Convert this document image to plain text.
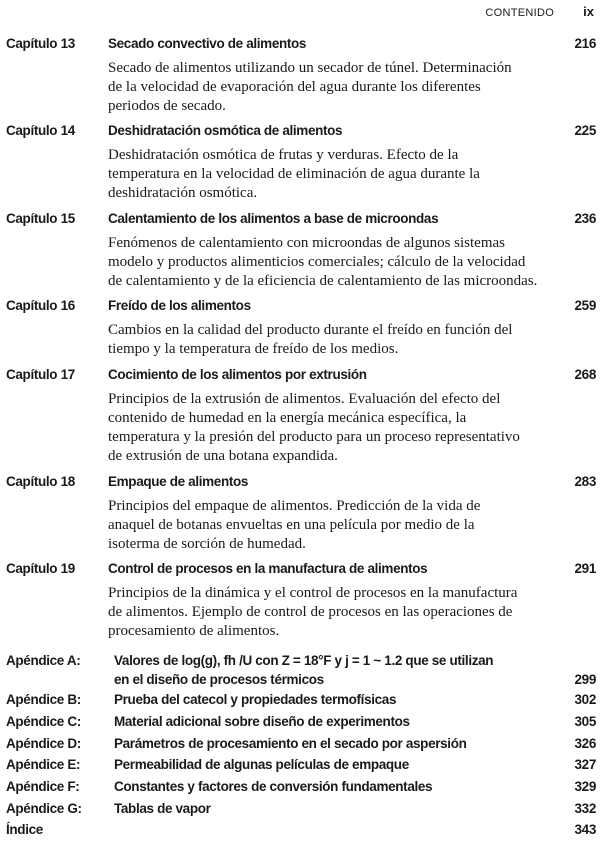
CONTENIDO ix
Capítulo 13 Secado convectivo de alimentos	216
Secado de alimentos utilizando un secador de túnel. Determinación
de la velocidad de evaporación del agua durante los diferentes
periodos de secado.
Capítulo 14 Deshidratación osmótica de alimentos	225
Deshidratación osmótica de frutas y verduras. Efecto de la
temperatura en la velocidad de eliminación de agua durante la
deshidratación osmótica.
Capítulo 15 Calentamiento de los alimentos a base de microondas	236
Fenómenos de calentamiento con microondas de algunos sistemas
modelo y productos alimenticios comerciales; cálculo de la velocidad
de calentamiento y de la eficiencia de calentamiento de las microondas.
Capítulo 16 Freído de los alimentos	259
Cambios en la calidad del producto durante el freído en función del
tiempo y la temperatura de freído de los medios.
Capítulo 17 Cocimiento de los alimentos por extrusión	268
Principios de la extrusión de alimentos. Evaluación del efecto del
contenido de humedad en la energía mecánica específica, la
temperatura y la presión del producto para un proceso representativo
de extrusión de una botana expandida.
Capítulo 18 Empaque de alimentos	283
Principios del empaque de alimentos. Predicción de la vida de
anaquel de botanas envueltas en una película por medio de la
isoterma de sorción de humedad.
Capítulo 19 Control de procesos en la manufactura de alimentos	291
Principios de la dinámica y el control de procesos en la manufactura
de alimentos. Ejemplo de control de procesos en las operaciones de
procesamiento de alimentos.
Apéndice A: Valores de log(g), fh /U con Z = 18°F y j = 1 ~ 1.2 que se utilizan
en el diseño de procesos térmicos	299
Apéndice B: Prueba del catecol y propiedades termofísicas	302
Apéndice C: Material adicional sobre diseño de experimentos	305
Apéndice D: Parámetros de procesamiento en el secado por aspersión	326
Apéndice E:	Permeabilidad de algunas películas de empaque	327
Apéndice F:	Constantes y factores de conversión fundamentales	329
Apéndice G: Tablas de vapor	332
Índice	343
